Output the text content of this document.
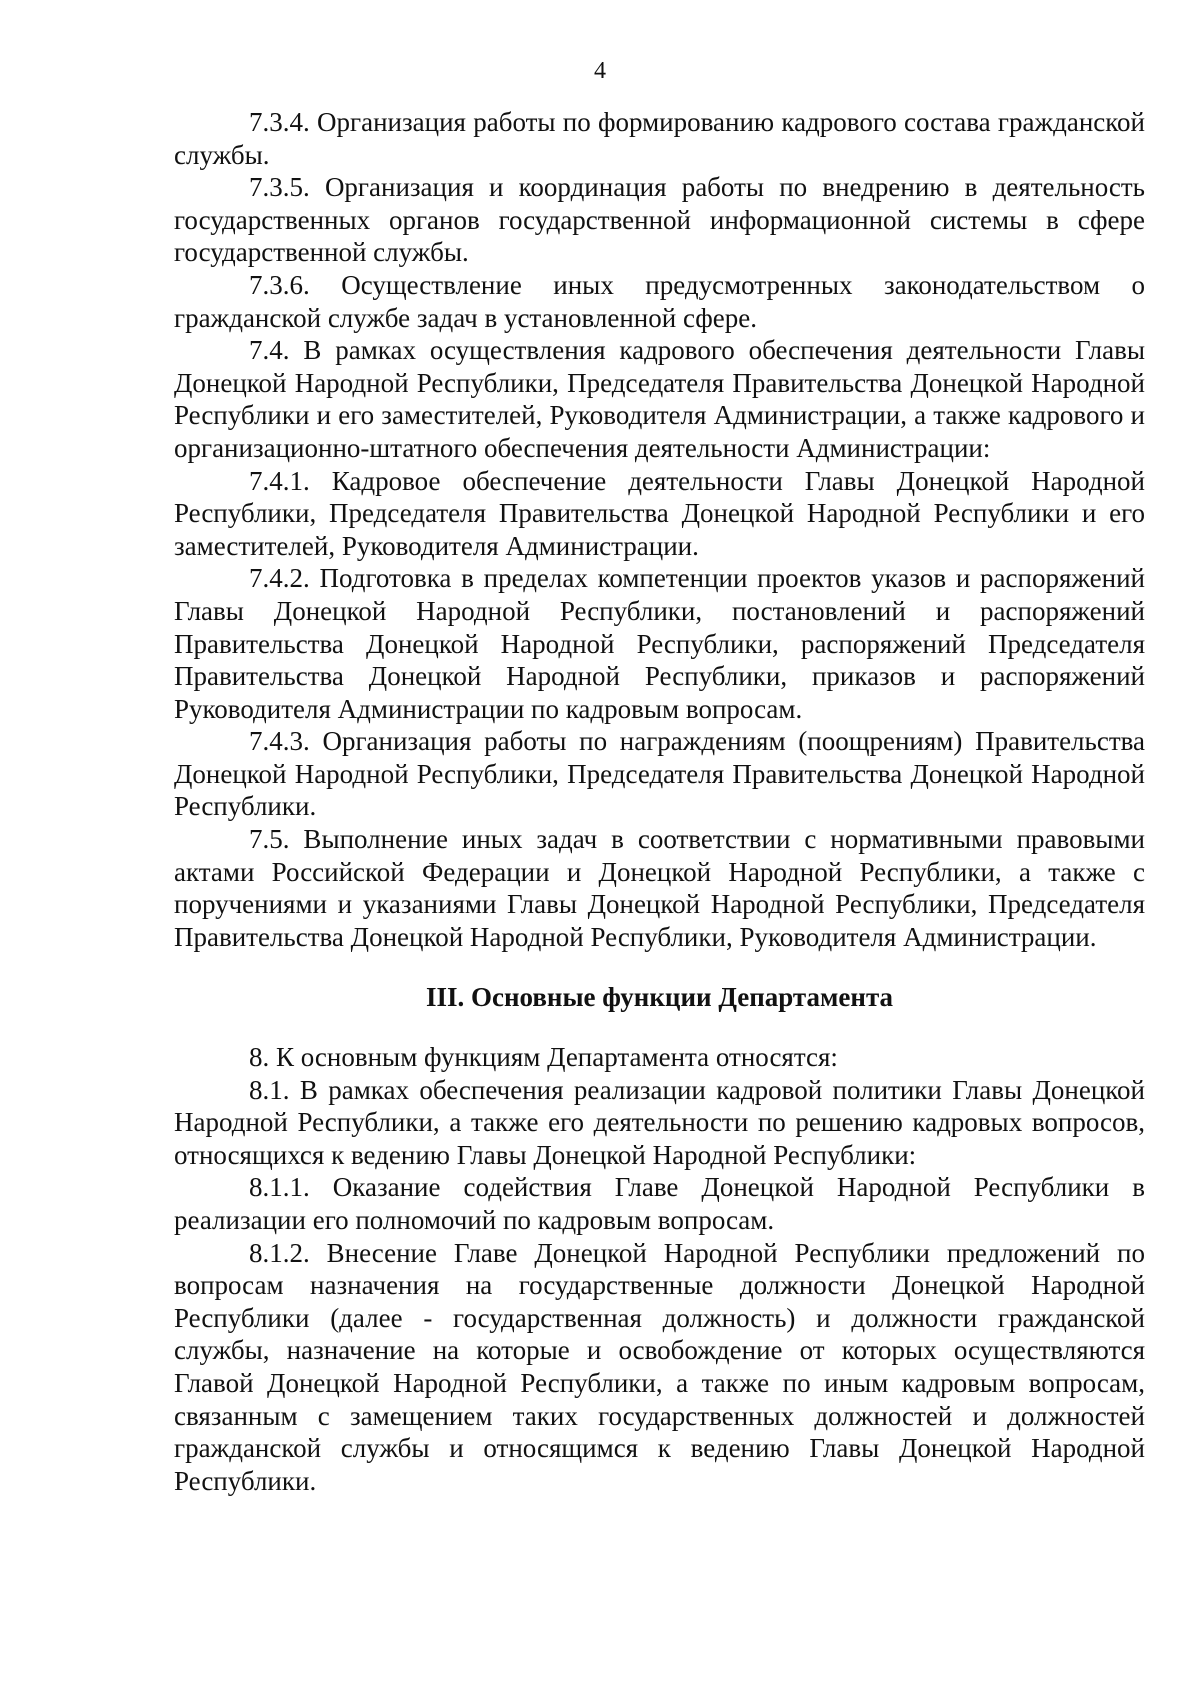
4

7.3.4. Организация работы по формированию кадрового состава гражданской службы.

7.3.5. Организация и координация работы по внедрению в деятельность государственных органов государственной информационной системы в сфере государственной службы.

7.3.6. Осуществление иных предусмотренных законодательством о гражданской службе задач в установленной сфере.

7.4. В рамках осуществления кадрового обеспечения деятельности Главы Донецкой Народной Республики, Председателя Правительства Донецкой Народной Республики и его заместителей, Руководителя Администрации, а также кадрового и организационно-штатного обеспечения деятельности Администрации:

7.4.1. Кадровое обеспечение деятельности Главы Донецкой Народной Республики, Председателя Правительства Донецкой Народной Республики и его заместителей, Руководителя Администрации.

7.4.2. Подготовка в пределах компетенции проектов указов и распоряжений Главы Донецкой Народной Республики, постановлений и распоряжений Правительства Донецкой Народной Республики, распоряжений Председателя Правительства Донецкой Народной Республики, приказов и распоряжений Руководителя Администрации по кадровым вопросам.

7.4.3. Организация работы по награждениям (поощрениям) Правительства Донецкой Народной Республики, Председателя Правительства Донецкой Народной Республики.

7.5. Выполнение иных задач в соответствии с нормативными правовыми актами Российской Федерации и Донецкой Народной Республики, а также с поручениями и указаниями Главы Донецкой Народной Республики, Председателя Правительства Донецкой Народной Республики, Руководителя Администрации.

III. Основные функции Департамента

8. К основным функциям Департамента относятся:

8.1. В рамках обеспечения реализации кадровой политики Главы Донецкой Народной Республики, а также его деятельности по решению кадровых вопросов, относящихся к ведению Главы Донецкой Народной Республики:

8.1.1. Оказание содействия Главе Донецкой Народной Республики в реализации его полномочий по кадровым вопросам.

8.1.2. Внесение Главе Донецкой Народной Республики предложений по вопросам назначения на государственные должности Донецкой Народной Республики (далее - государственная должность) и должности гражданской службы, назначение на которые и освобождение от которых осуществляются Главой Донецкой Народной Республики, а также по иным кадровым вопросам, связанным с замещением таких государственных должностей и должностей гражданской службы и относящимся к ведению Главы Донецкой Народной Республики.
